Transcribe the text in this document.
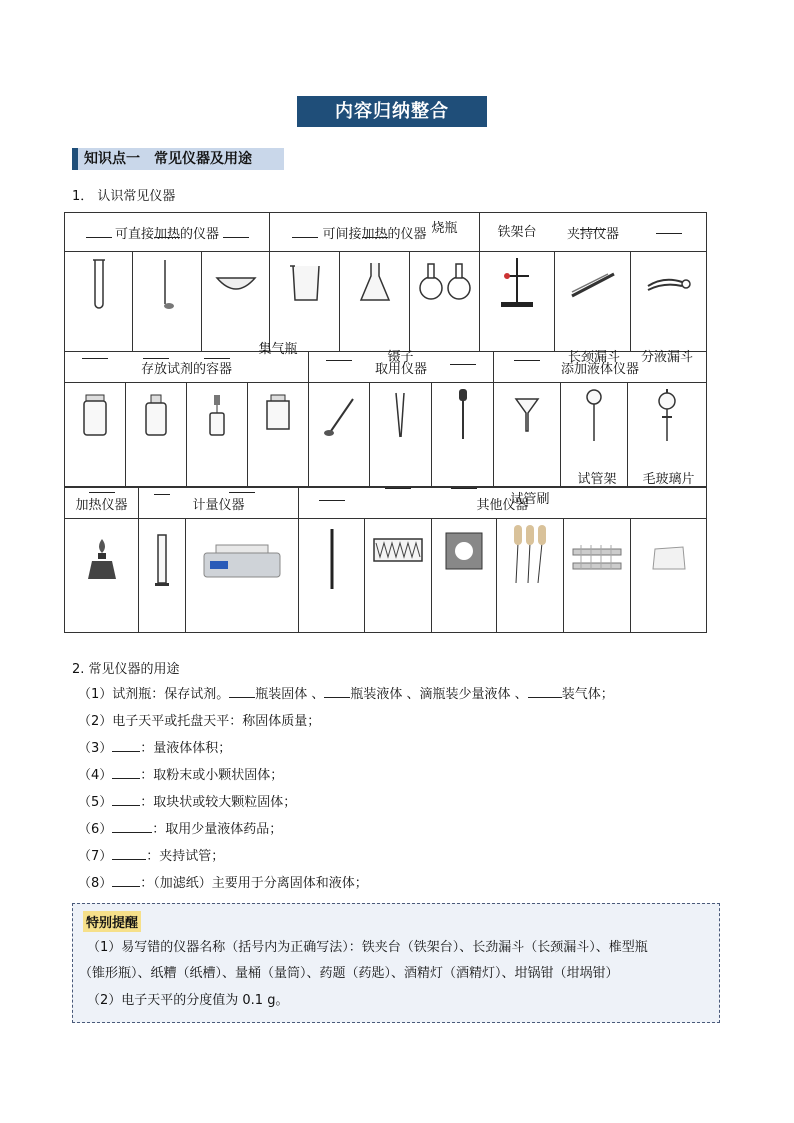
内容归纳整合
知识点一 常见仪器及用途
1． 认识常见仪器
可直接加热的仪器			可间接加热的仪器			夹持仪器		

烧瓶	铁架台

存放试剂的容器				取用仪器			添加液体仪器		

集气瓶		镊子			长颈漏斗	分液漏斗
加热仪器	计量仪器		其他仪器					

试管刷	试管架	毛玻璃片
2. 常见仪器的用途
（1）试剂瓶：保存试剂。 瓶装固体 、 瓶装液体 、滴瓶装少量液体 、	装气体；
（2）电子天平或托盘天平：称固体质量；
（3） ：量液体体积；
（4） ：取粉末或小颗状固体；
（5） ：取块状或较大颗粒固体；
（6）	：取用少量液体药品；
（7）	：夹持试管；
（8） ：（加滤纸）主要用于分离固体和液体；
特别提醒
（1）易写错的仪器名称（括号内为正确写法）：铁夹台（铁架台）、长劲漏斗（长颈漏斗）、椎型瓶
（锥形瓶）、纸糟（纸槽）、量桶（量筒）、药题（药匙）、酒精灯（酒精灯）、坩锅钳（坩埚钳）
（2）电子天平的分度值为 0.1 g。
